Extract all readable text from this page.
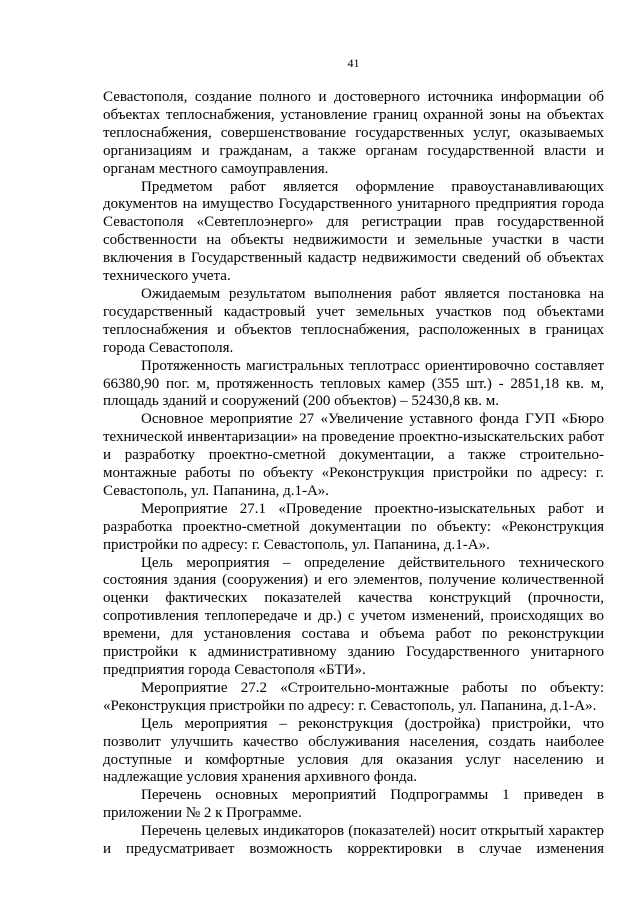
41

Севастополя, создание полного и достоверного источника информации об объектах теплоснабжения, установление границ охранной зоны на объектах теплоснабжения, совершенствование государственных услуг, оказываемых организациям и гражданам, а также органам государственной власти и органам местного самоуправления.

Предметом работ является оформление правоустанавливающих документов на имущество Государственного унитарного предприятия города Севастополя «Севтеплоэнерго» для регистрации прав государственной собственности на объекты недвижимости и земельные участки в части включения в Государственный кадастр недвижимости сведений об объектах технического учета.

Ожидаемым результатом выполнения работ является постановка на государственный кадастровый учет земельных участков под объектами теплоснабжения и объектов теплоснабжения, расположенных в границах города Севастополя.

Протяженность магистральных теплотрасс ориентировочно составляет 66380,90 пог. м, протяженность тепловых камер (355 шт.) - 2851,18 кв. м, площадь зданий и сооружений (200 объектов) – 52430,8 кв. м.

Основное мероприятие 27 «Увеличение уставного фонда ГУП «Бюро технической инвентаризации» на проведение проектно-изыскательских работ и разработку проектно-сметной документации, а также строительно-монтажные работы по объекту «Реконструкция пристройки по адресу: г. Севастополь, ул. Папанина, д.1-А».

Мероприятие 27.1 «Проведение проектно-изыскательных работ и разработка проектно-сметной документации по объекту: «Реконструкция пристройки по адресу: г. Севастополь, ул. Папанина, д.1-А».

Цель мероприятия – определение действительного технического состояния здания (сооружения) и его элементов, получение количественной оценки фактических показателей качества конструкций (прочности, сопротивления теплопередаче и др.) с учетом изменений, происходящих во времени, для установления состава и объема работ по реконструкции пристройки к административному зданию Государственного унитарного предприятия города Севастополя «БТИ».

Мероприятие 27.2 «Строительно-монтажные работы по объекту: «Реконструкция пристройки по адресу: г. Севастополь, ул. Папанина, д.1-А».

Цель мероприятия – реконструкция (достройка) пристройки, что позволит улучшить качество обслуживания населения, создать наиболее доступные и комфортные условия для оказания услуг населению и надлежащие условия хранения архивного фонда.

Перечень основных мероприятий Подпрограммы 1 приведен в приложении № 2 к Программе.

Перечень целевых индикаторов (показателей) носит открытый характер и предусматривает возможность корректировки в случае изменения
